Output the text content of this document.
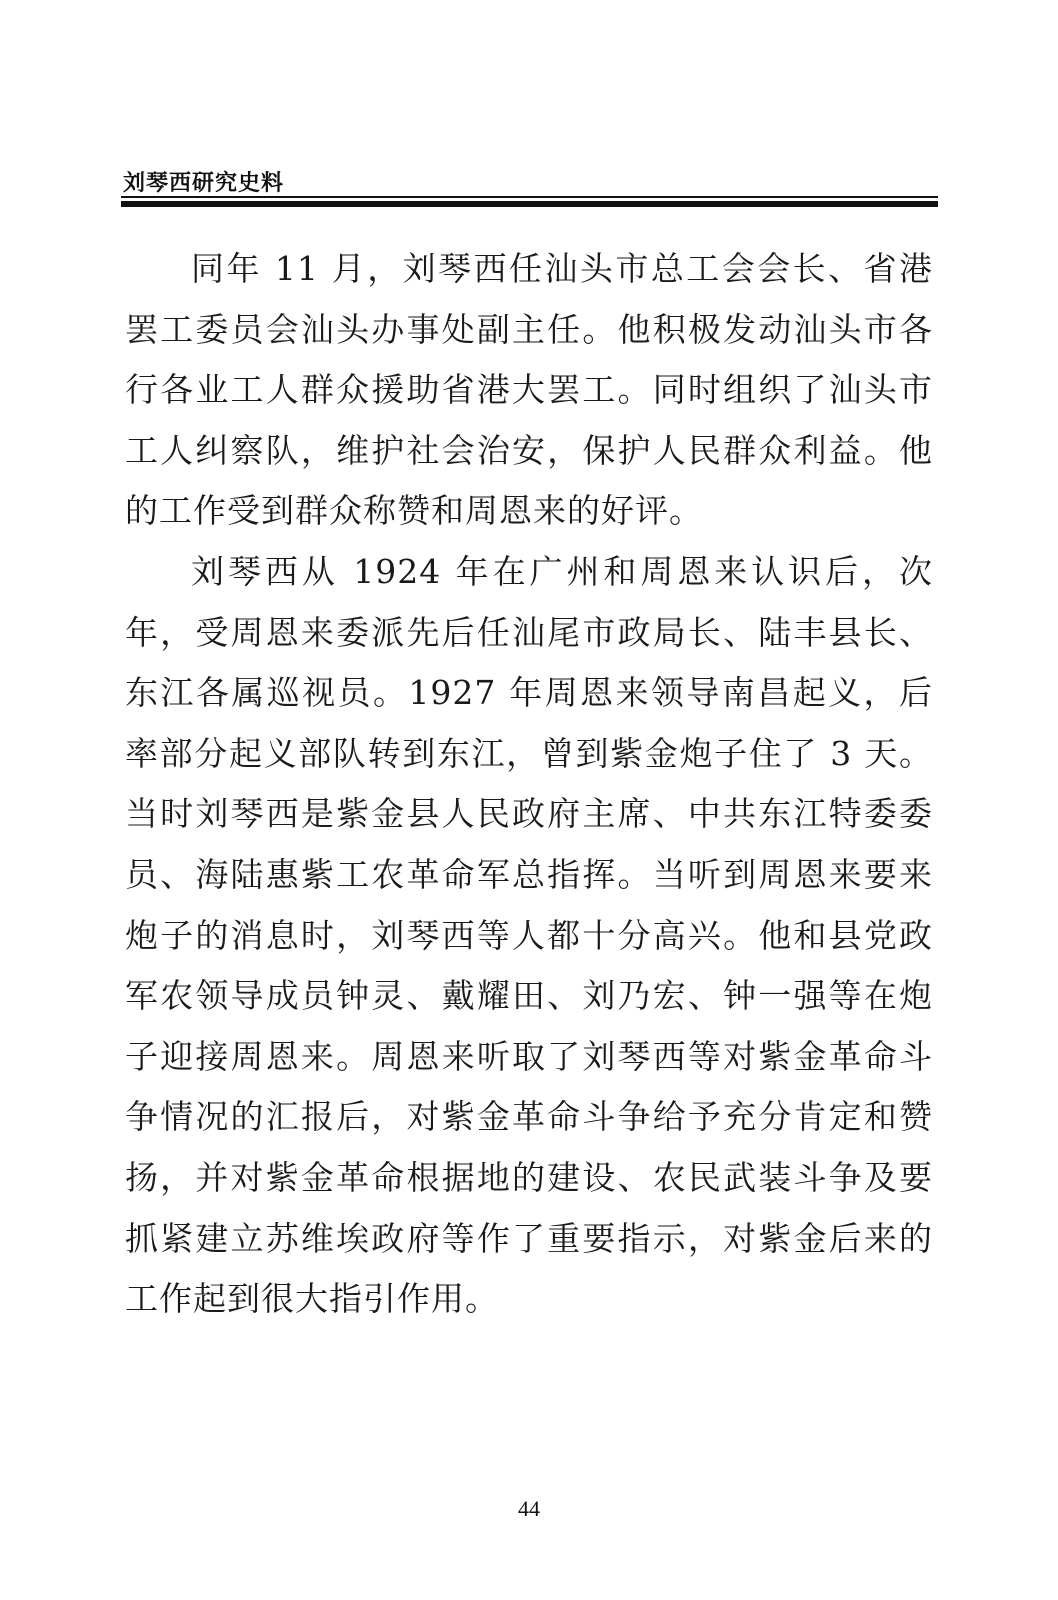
刘琴西研究史料

同年 11 月，刘琴西任汕头市总工会会长、省港罢工委员会汕头办事处副主任。他积极发动汕头市各行各业工人群众援助省港大罢工。同时组织了汕头市工人纠察队，维护社会治安，保护人民群众利益。他的工作受到群众称赞和周恩来的好评。

刘琴西从 1924 年在广州和周恩来认识后，次年，受周恩来委派先后任汕尾市政局长、陆丰县长、东江各属巡视员。1927 年周恩来领导南昌起义，后率部分起义部队转到东江，曾到紫金炮子住了 3 天。当时刘琴西是紫金县人民政府主席、中共东江特委委员、海陆惠紫工农革命军总指挥。当听到周恩来要来炮子的消息时，刘琴西等人都十分高兴。他和县党政军农领导成员钟灵、戴耀田、刘乃宏、钟一强等在炮子迎接周恩来。周恩来听取了刘琴西等对紫金革命斗争情况的汇报后，对紫金革命斗争给予充分肯定和赞扬，并对紫金革命根据地的建设、农民武装斗争及要抓紧建立苏维埃政府等作了重要指示，对紫金后来的工作起到很大指引作用。

44
